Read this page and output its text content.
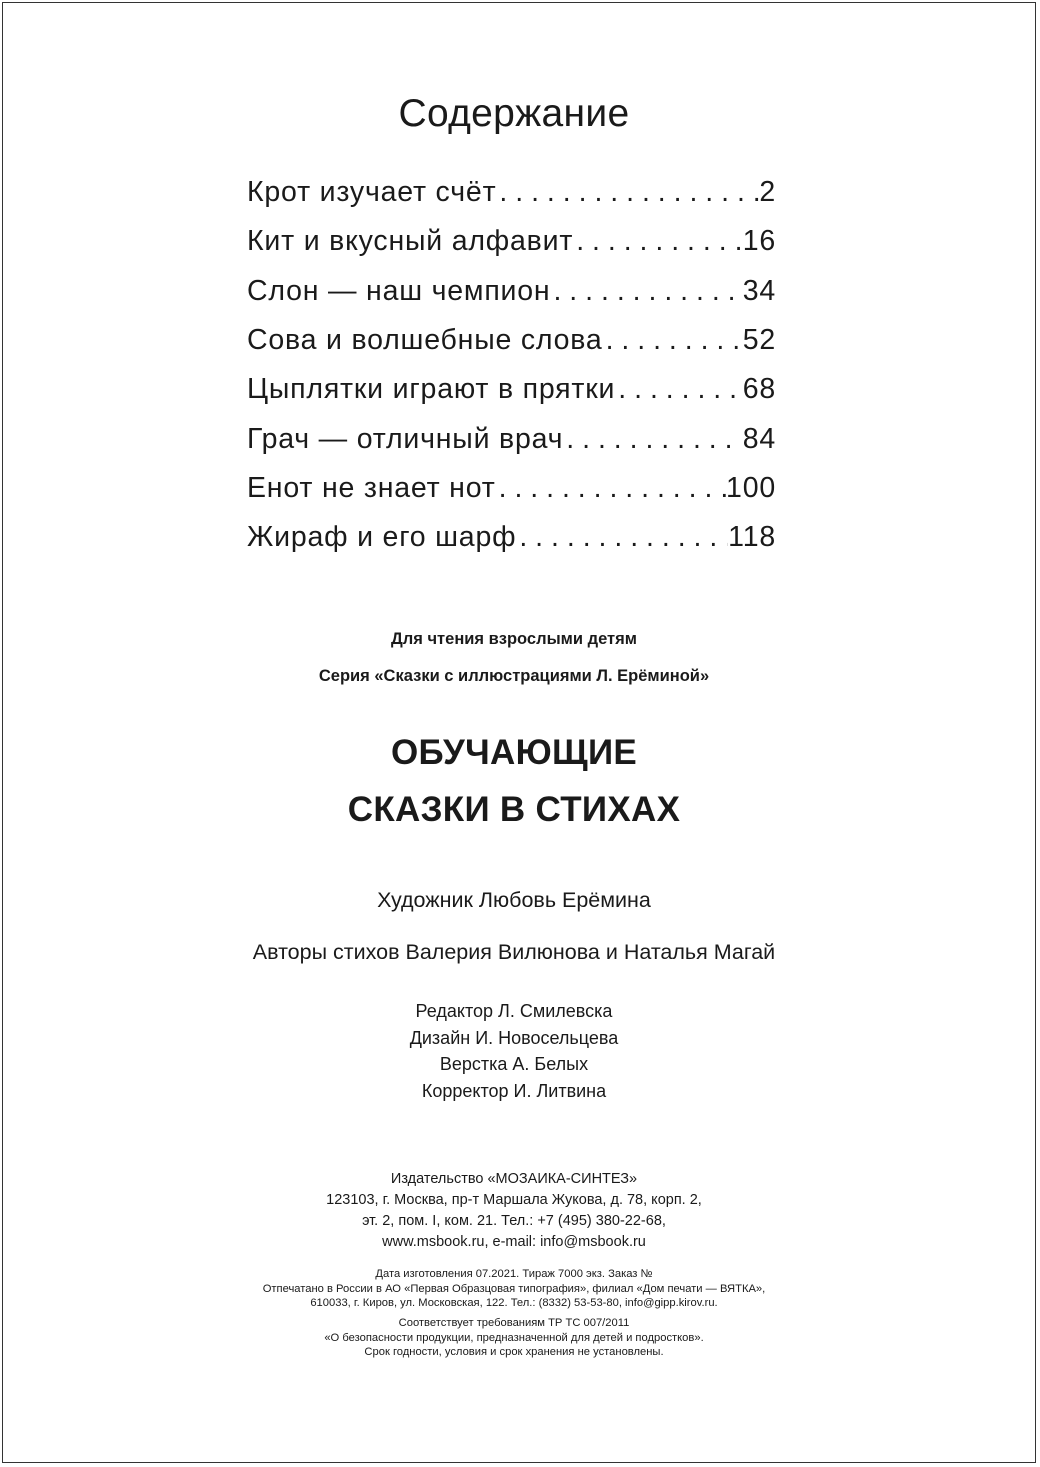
Содержание
Крот изучает счёт . . .	2
Кит и вкусный алфавит . . .	16
Слон — наш чемпион . . .	34
Сова и волшебные слова . . .	52
Цыплятки играют в прятки . . .	68
Грач — отличный врач . . .	84
Енот не знает нот . . .	100
Жираф и его шарф . . .	118
Для чтения взрослыми детям
Серия «Сказки с иллюстрациями Л. Ерёминой»
ОБУЧАЮЩИЕ
СКАЗКИ В СТИХАХ
Художник Любовь Ерёмина
Авторы стихов Валерия Вилюнова и Наталья Магай
Редактор Л. Смилевска
Дизайн И. Новосельцева
Верстка А. Белых
Корректор И. Литвина
Издательство «МОЗАИКА-СИНТЕЗ»
123103, г. Москва, пр-т Маршала Жукова, д. 78, корп. 2,
эт. 2, пом. I, ком. 21. Тел.: +7 (495) 380-22-68,
www.msbook.ru, e-mail: info@msbook.ru
Дата изготовления 07.2021. Тираж 7000 экз. Заказ №
Отпечатано в России в АО «Первая Образцовая типография», филиал «Дом печати — ВЯТКА»,
610033, г. Киров, ул. Московская, 122. Тел.: (8332) 53-53-80, info@gipp.kirov.ru.
Соответствует требованиям ТР ТС 007/2011
«О безопасности продукции, предназначенной для детей и подростков».
Срок годности, условия и срок хранения не установлены.
